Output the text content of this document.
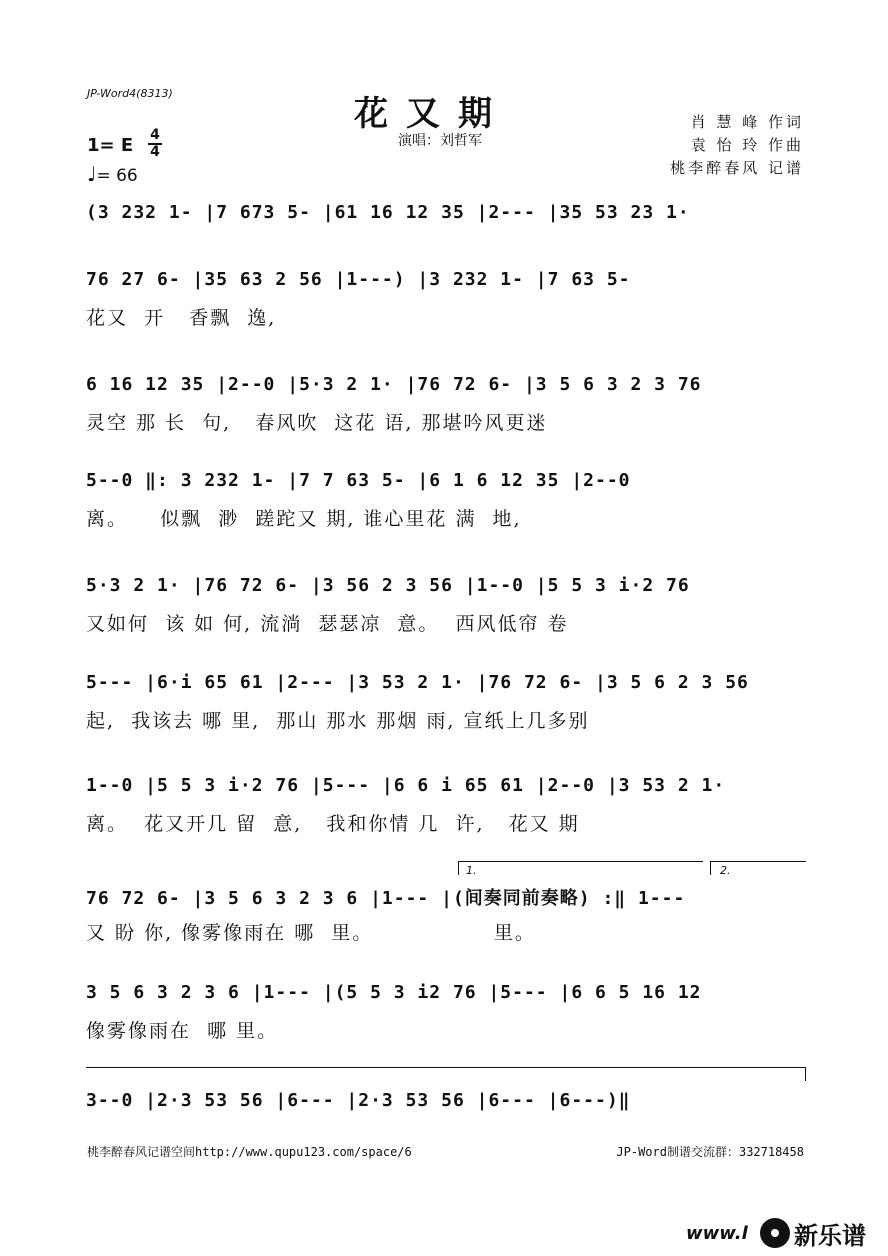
JP-Word4(8313)
花又期
演唱：刘哲军
肖 慧 峰 作词
袁 怡 玲 作曲
桃李醉春风 记谱
1= E 4
4
♩= 66
(3 232 1- |7 673 5- |61 16 12 35 |2--- |35 53 23 1·
76 27 6- |35 63 2 56 |1---) |3 232 1- |7 63 5-
花又  开   香飘  逸,
6 16 12 35 |2--0 |5·3 2 1· |76 72 6- |3 5 6 3 2 3 76
灵空 那 长  句,   春风吹  这花 语, 那堪吟风更迷
5--0 ‖: 3 232 1- |7 7 63 5- |6 1 6 12 35 |2--0
离。    似飘  渺  蹉跎又 期, 谁心里花 满  地,
5·3 2 1· |76 72 6- |3 56 2 3 56 |1--0 |5 5 3 i·2 76
又如何  该 如 何, 流淌  瑟瑟凉  意。  西风低帘 卷
5--- |6·i 65 61 |2--- |3 53 2 1· |76 72 6- |3 5 6 2 3 56
起,  我该去 哪 里,  那山 那水 那烟 雨, 宣纸上几多别
1--0 |5 5 3 i·2 76 |5--- |6 6 i 65 61 |2--0 |3 53 2 1·
离。  花又开几 留  意,   我和你情 几  许,   花又 期
1.	2.
76 72 6- |3 5 6 3 2 3 6 |1--- |(间奏同前奏略) :‖ 1---
又 盼 你, 像雾像雨在 哪  里。               里。
3 5 6 3 2 3 6 |1--- |(5 5 3 i2 76 |5--- |6 6 5 16 12
像雾像雨在  哪 里。
3--0 |2·3 53 56 |6--- |2·3 53 56 |6--- |6---)‖
桃李醉春风记谱空间http://www.qupu123.com/space/6	JP-Word制谱交流群：332718458
www.l 新乐谱
